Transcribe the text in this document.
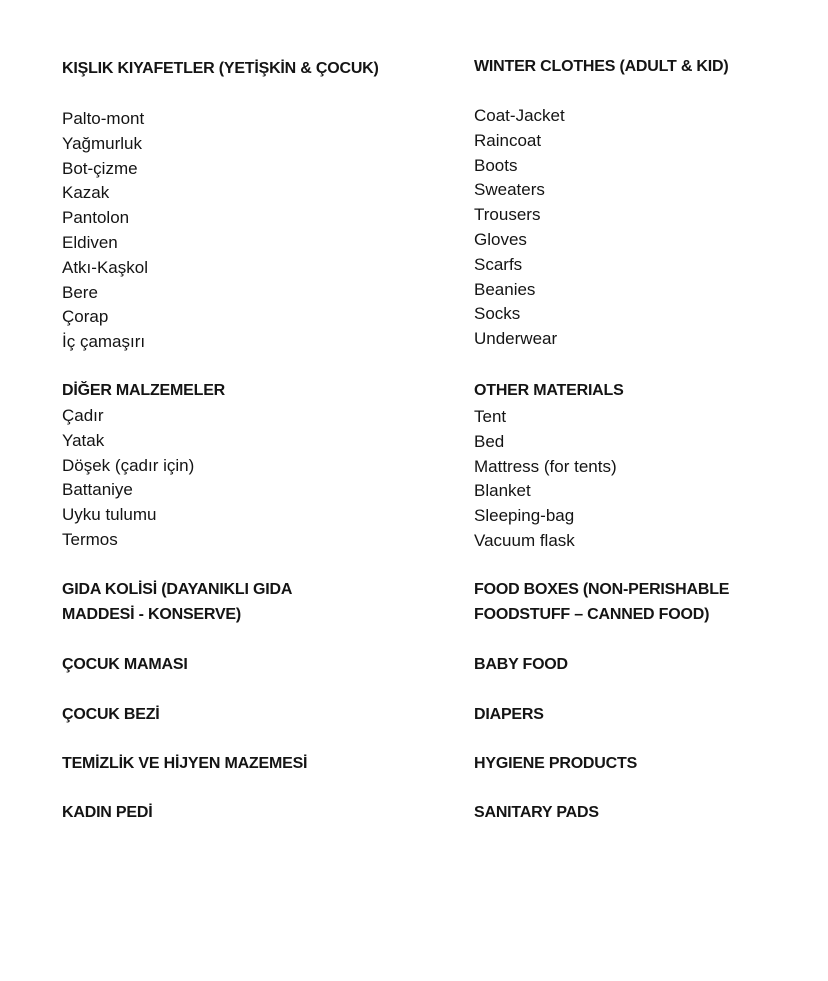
KIŞLIK KIYAFETLER (YETİŞKİN & ÇOCUK)

Palto-mont
Yağmurluk
Bot-çizme
Kazak
Pantolon
Eldiven
Atkı-Kaşkol
Bere
Çorap
İç çamaşırı

DİĞER MALZEMELER

Çadır
Yatak
Döşek (çadır için)
Battaniye
Uyku tulumu
Termos

GIDA KOLİSİ (DAYANIKLI GIDA

MADDESİ - KONSERVE)

ÇOCUK MAMASI

ÇOCUK BEZİ

TEMİZLİK VE HİJYEN MAZEMESİ

KADIN PEDİ

WINTER CLOTHES (ADULT & KID)

Coat-Jacket
Raincoat
Boots
Sweaters
Trousers
Gloves
Scarfs
Beanies
Socks
Underwear

OTHER MATERIALS

Tent
Bed
Mattress (for tents)
Blanket
Sleeping-bag
Vacuum flask

FOOD BOXES (NON-PERISHABLE

FOODSTUFF – CANNED FOOD)

BABY FOOD

DIAPERS

HYGIENE PRODUCTS

SANITARY PADS
